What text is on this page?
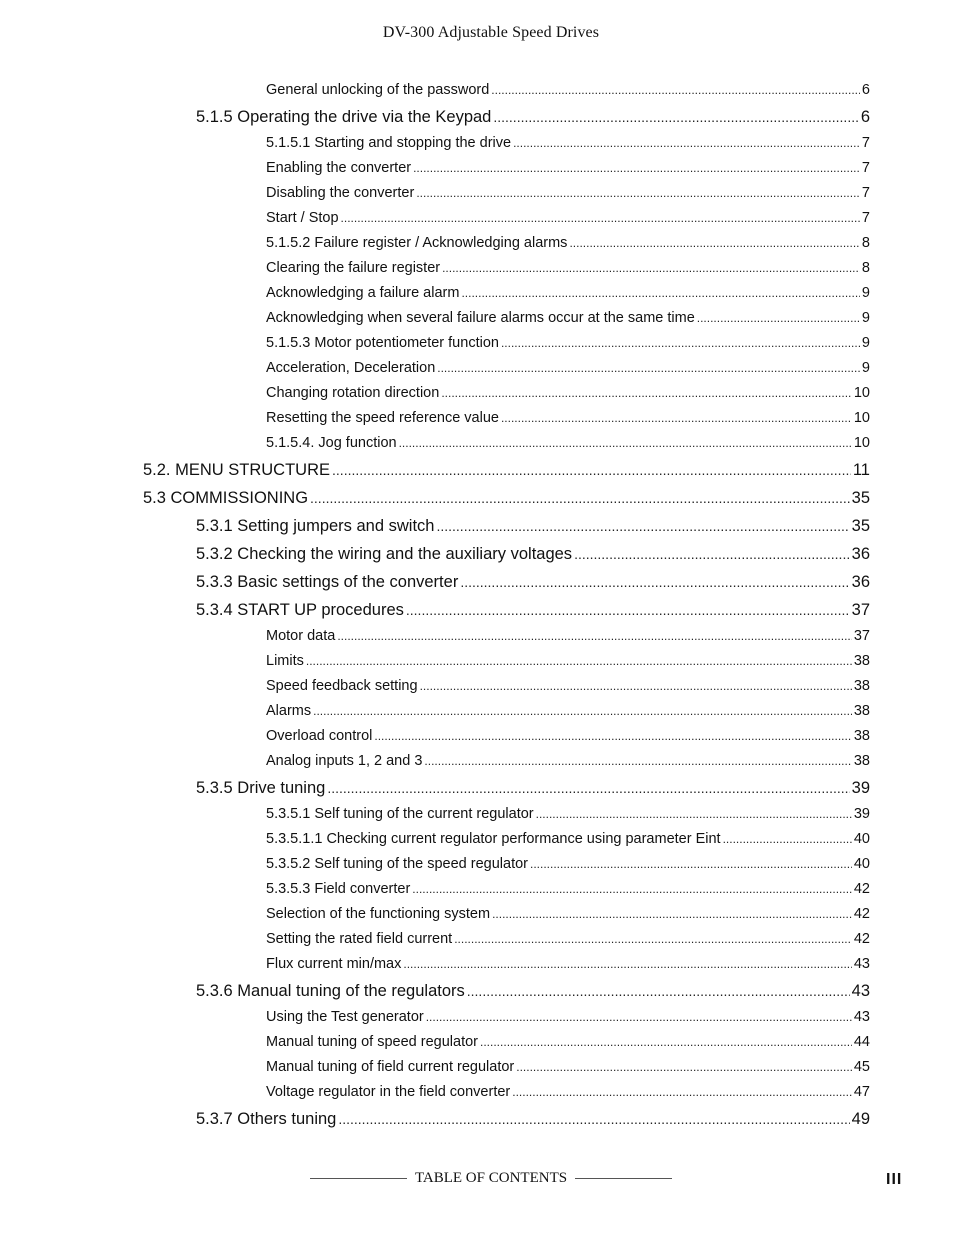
DV-300 Adjustable Speed Drives
General unlocking of the password .....	6
5.1.5 Operating the drive via the Keypad .....	6
5.1.5.1 Starting and stopping the drive .....	7
Enabling the converter .....	7
Disabling the converter .....	7
Start / Stop .....	7
5.1.5.2 Failure register / Acknowledging alarms .....	8
Clearing the failure register .....	8
Acknowledging a failure alarm .....	9
Acknowledging when several failure alarms occur at the same time .....	9
5.1.5.3 Motor potentiometer function .....	9
Acceleration, Deceleration .....	9
Changing rotation direction .....	10
Resetting the speed reference value .....	10
5.1.5.4. Jog function .....	10
5.2. MENU STRUCTURE .....	11
5.3 COMMISSIONING .....	35
5.3.1 Setting jumpers and switch .....	35
5.3.2 Checking the wiring and the auxiliary voltages .....	36
5.3.3 Basic settings of the converter .....	36
5.3.4 START UP procedures .....	37
Motor data .....	37
Limits .....	38
Speed feedback setting .....	38
Alarms .....	38
Overload control .....	38
Analog inputs 1, 2 and 3 .....	38
5.3.5 Drive tuning .....	39
5.3.5.1 Self tuning of the current regulator .....	39
5.3.5.1.1 Checking current regulator performance using parameter Eint .....	40
5.3.5.2 Self tuning of the speed regulator .....	40
5.3.5.3 Field converter .....	42
Selection of the functioning system .....	42
Setting the rated field current .....	42
Flux current min/max .....	43
5.3.6 Manual tuning of the regulators .....	43
Using the Test generator .....	43
Manual tuning of speed regulator .....	44
Manual tuning of field current regulator .....	45
Voltage regulator in the field converter .....	47
5.3.7 Others tuning .....	49
TABLE OF CONTENTS	III
